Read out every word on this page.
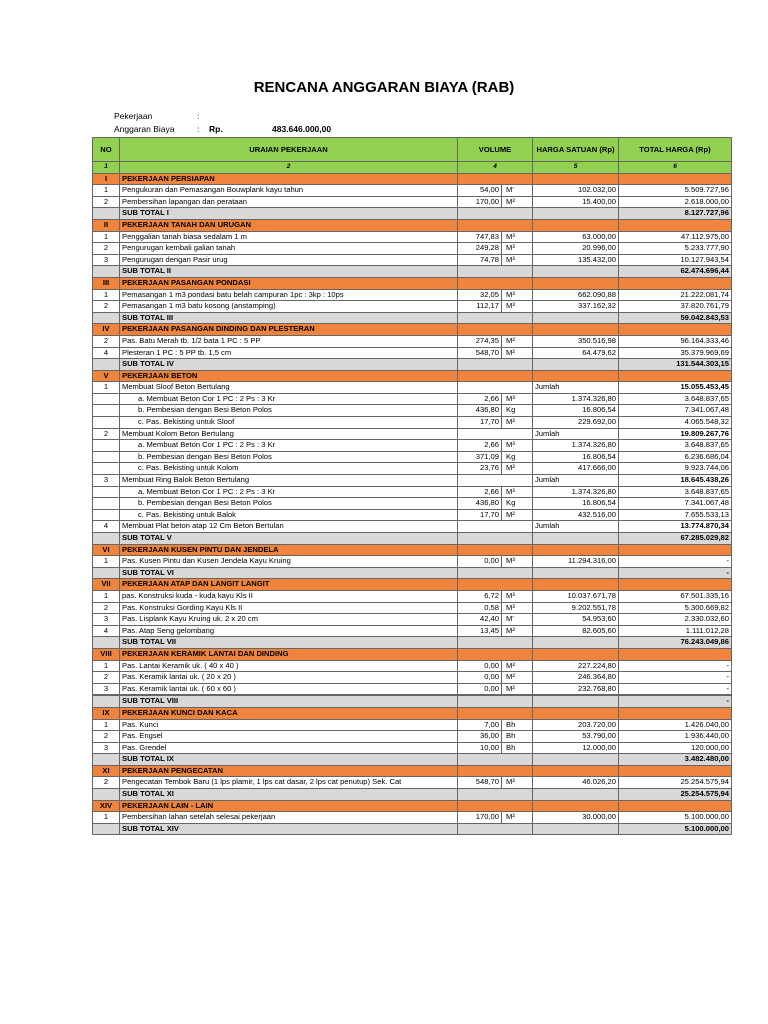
RENCANA ANGGARAN BIAYA (RAB)
Pekerjaan	:
Anggaran Biaya	: Rp.	483.646.000,00
NO	URAIAN PEKERJAAN	VOLUME		HARGA SATUAN (Rp)	TOTAL HARGA (Rp)
1	2	4		5	6
I	PEKERJAAN PERSIAPAN				
1	Pengukuran dan Pemasangan Bouwplank kayu tahun	54,00	M'	102.032,00	5.509.727,96
2	Pembersihan lapangan dan perataan	170,00	M²	15.400,00	2.618.000,00
	SUB TOTAL I				8.127.727,96
II	PEKERJAAN TANAH DAN URUGAN				
1	Penggalian tanah biasa sedalam 1 m	747,83	M³	63.000,00	47.112.975,00
2	Pengurugan kembali galian tanah	249,28	M³	20.996,00	5.233.777,90
3	Pengurugan dengan Pasir urug	74,78	M³	135.432,00	10.127.943,54
	SUB TOTAL II				62.474.696,44
III	PEKERJAAN PASANGAN PONDASI				
1	Pemasangan 1 m3 pondasi batu belah campuran 1pc : 3kp : 10ps	32,05	M³	662.090,88	21.222.081,74
2	Pemasangan 1 m3 batu kosong (anstamping)	112,17	M³	337.162,32	37.820.761,79
	SUB TOTAL III				59.042.843,53
IV	PEKERJAAN PASANGAN DINDING DAN PLESTERAN				
2	Pas. Batu Merah tb. 1/2 bata 1 PC : 5 PP	274,35	M²	350.516,98	96.164.333,46
4	Plesteran 1 PC : 5 PP tb. 1,5 cm	548,70	M²	64.479,62	35.379.969,69
	SUB TOTAL IV				131.544.303,15
V	PEKERJAAN BETON				
1	Membuat Sloof Beton Bertulang			Jumlah	15.055.453,45
	a. Membuat Beton Cor 1 PC : 2 Ps : 3 Kr	2,66	M³	1.374.326,80	3.648.837,65
	b. Pembesian dengan Besi Beton Polos	436,80	Kg	16.806,54	7.341.067,48
	c. Pas. Bekisting untuk Sloof	17,70	M²	229.692,00	4.065.548,32
2	Membuat Kolom Beton Bertulang			Jumlah	19.809.267,76
	a. Membuat Beton Cor 1 PC : 2 Ps : 3 Kr	2,66	M³	1.374.326,80	3.648.837,65
	b. Pembesian dengan Besi Beton Polos	371,09	Kg	16.806,54	6.236.686,04
	c. Pas. Bekisting untuk Kolom	23,76	M²	417.666,00	9.923.744,06
3	Membuat Ring Balok Beton Bertulang			Jumlah	18.645.438,26
	a. Membuat Beton Cor 1 PC : 2 Ps : 3 Kr	2,66	M³	1.374.326,80	3.648.837,65
	b. Pembesian dengan Besi Beton Polos	436,80	Kg	16.806,54	7.341.067,48
	c. Pas. Bekisting untuk Balok	17,70	M²	432.516,00	7.655.533,13
4	Membuat Plat beton atap 12 Cm Beton Bertulan			Jumlah	13.774.870,34
	SUB TOTAL V				67.285.029,82
VI	PEKERJAAN KUSEN PINTU DAN JENDELA				
1	Pas. Kusen Pintu dan Kusen Jendela Kayu Kruing	0,00	M³	11.294.316,00	-
	SUB TOTAL VI				-
VII	PEKERJAAN ATAP DAN LANGIT LANGIT				
1	pas. Konstruksi kuda - kuda kayu Kls II	6,72	M³	10.037.671,78	67.501.335,16
2	Pas. Konstruksi Gording Kayu Kls II	0,58	M³	9.202.551,78	5.300.669,82
3	Pas. Lisplank Kayu Kruing uk. 2 x 20 cm	42,40	M'	54.953,60	2.330.032,60
4	Pas. Atap Seng gelombang	13,45	M²	82.605,60	1.111.012,28
	SUB TOTAL VII				76.243.049,86
VIII	PEKERJAAN KERAMIK LANTAI DAN DINDING				
1	Pas. Lantai Keramik uk. ( 40 x 40 )	0,00	M²	227.224,80	-
2	Pas. Keramik lantai uk. ( 20 x 20 )	0,00	M²	246.364,80	-
3	Pas. Keramik lantai uk. ( 60 x 60 )	0,00	M²	232.768,80	-

	SUB TOTAL VIII				-
IX	PEKERJAAN KUNCI DAN KACA				
1	Pas. Kunci	7,00	Bh	203.720,00	1.426.040,00
2	Pas. Engsel	36,00	Bh	53.790,00	1.936.440,00
3	Pas. Grendel	10,00	Bh	12.000,00	120.000,00
	SUB TOTAL IX				3.482.480,00
XI	PEKERJAAN PENGECATAN				
2	Pengecatan Tembok Baru (1 lps plamir, 1 lps cat dasar, 2 lps cat penutup) Sek. Cat	548,70	M²	46.026,20	25.254.575,94
	SUB TOTAL XI				25.254.575,94
XIV	PEKERJAAN LAIN - LAIN				
1	Pembersihan lahan setelah selesai pekerjaan	170,00	M²	30.000,00	5.100.000,00
	SUB TOTAL XIV				5.100.000,00
